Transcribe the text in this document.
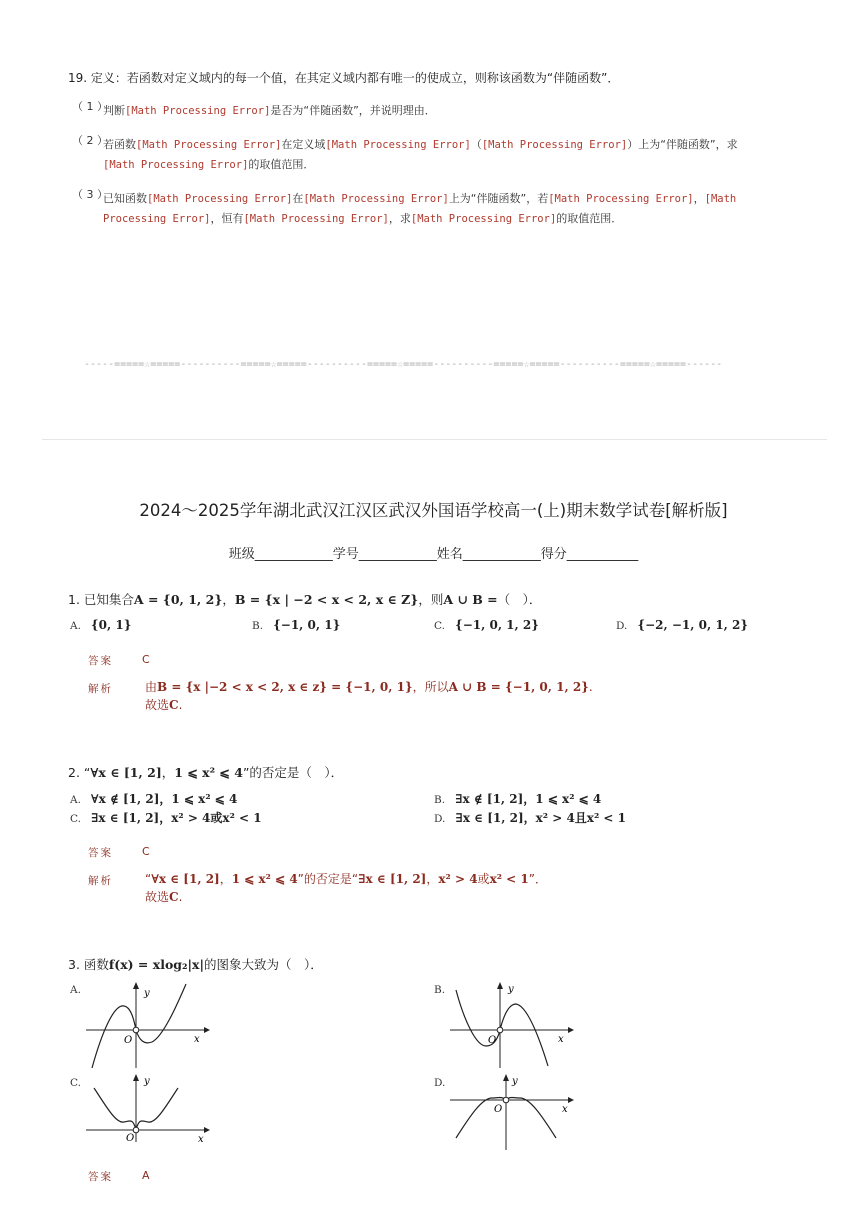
19. 定义：若函数对定义域内的每一个值，在其定义域内都有唯一的使成立，则称该函数为“伴随函数”．
（ 1 ）
判断[Math Processing Error]是否为“伴随函数”，并说明理由．
（ 2 ）
若函数[Math Processing Error]在定义域[Math Processing Error]（[Math Processing Error]）上为“伴随函数”，求
[Math Processing Error]的取值范围．
（ 3 ）
已知函数[Math Processing Error]在[Math Processing Error]上为“伴随函数”，若[Math Processing Error]，[Math
Processing Error]，恒有[Math Processing Error]，求[Math Processing Error]的取值范围．
-----=====☆=====----------=====☆=====----------=====☆=====----------=====☆=====----------=====☆=====------
2024～2025学年湖北武汉江汉区武汉外国语学校高一(上)期末数学试卷[解析版]
班级____________学号____________姓名____________得分___________
1. 已知集合A = {0, 1, 2}，B = {x | −2 < x < 2, x ∈ Z}，则A ∪ B =（　）．
A. {0, 1}	B. {−1, 0, 1}	C. {−1, 0, 1, 2}	D. {−2, −1, 0, 1, 2}
答案	C
解析	由B = {x |−2 < x < 2, x ∈ z} = {−1, 0, 1}，所以A ∪ B = {−1, 0, 1, 2}.
故选C.
2. “∀x ∈ [1, 2]，1 ⩽ x² ⩽ 4”的否定是（　）．
A. ∀x ∉ [1, 2]，1 ⩽ x² ⩽ 4	B. ∃x ∉ [1, 2]，1 ⩽ x² ⩽ 4
C. ∃x ∈ [1, 2]，x² > 4或x² < 1	D. ∃x ∈ [1, 2]，x² > 4且x² < 1
答案	C
解析	“∀x ∈ [1, 2]，1 ⩽ x² ⩽ 4”的否定是“∃x ∈ [1, 2]，x² > 4或x² < 1”．
故选C.
3. 函数f(x) = xlog₂|x|的图象大致为（　）．
A.	y
x
O
B.	y
x
O
C.	y
x
O
D.	y
x
O
答案	A
